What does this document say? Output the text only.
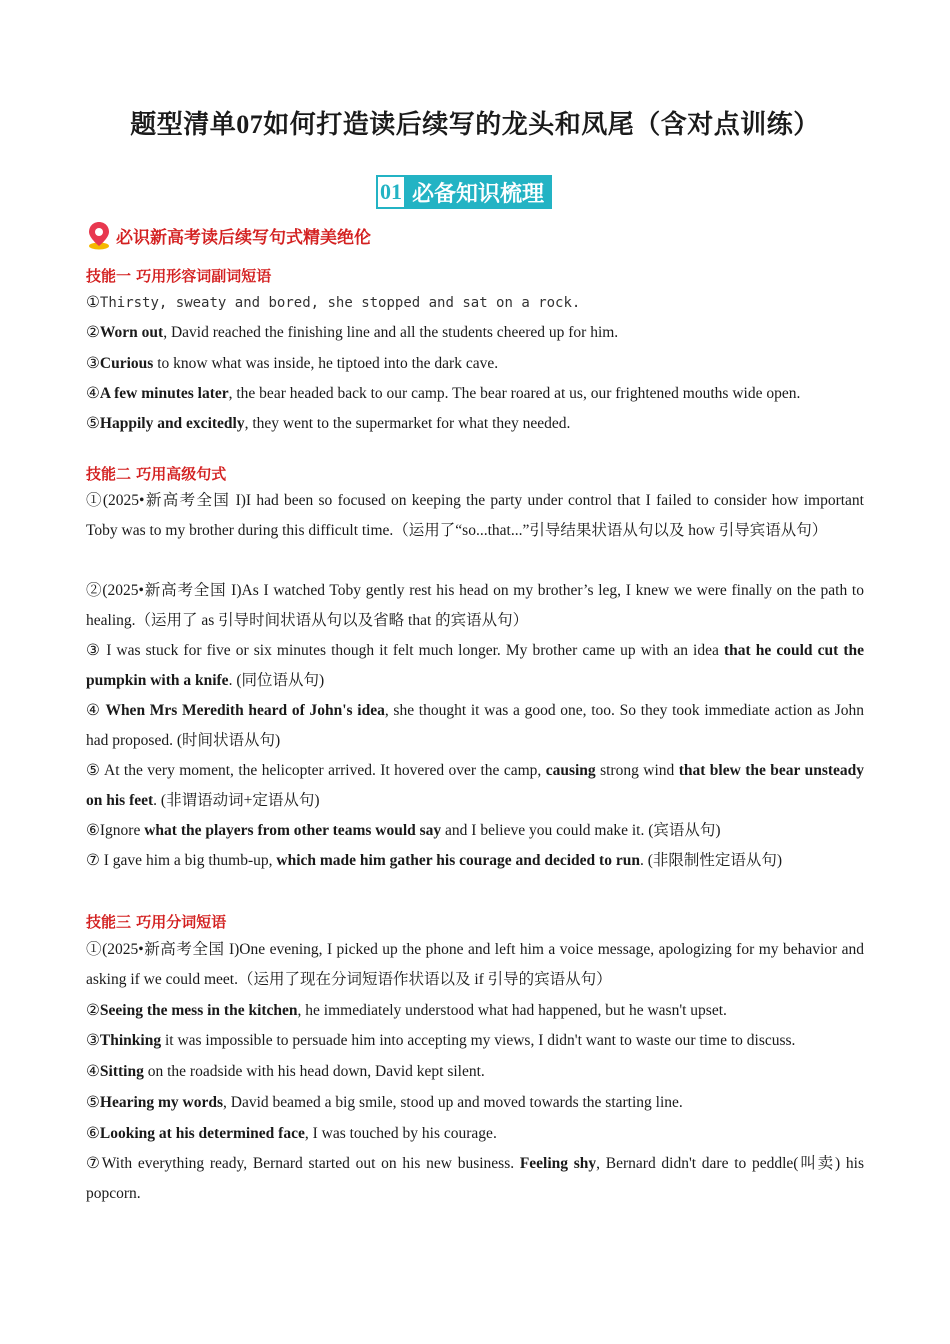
题型清单07如何打造读后续写的龙头和凤尾（含对点训练）
01 必备知识梳理
必识新高考读后续写句式精美绝伦
技能一 巧用形容词副词短语
①Thirsty, sweaty and bored, she stopped and sat on a rock.
②Worn out, David reached the finishing line and all the students cheered up for him.
③Curious to know what was inside, he tiptoed into the dark cave.
④A few minutes later, the bear headed back to our camp. The bear roared at us, our frightened mouths wide open.
⑤Happily and excitedly, they went to the supermarket for what they needed.
技能二 巧用高级句式
①(2025•新高考全国 I)I had been so focused on keeping the party under control that I failed to consider how important Toby was to my brother during this difficult time.（运用了“so...that...”引导结果状语从句以及 how 引导宾语从句）
②(2025•新高考全国 I)As I watched Toby gently rest his head on my brother’s leg, I knew we were finally on the path to healing.（运用了 as 引导时间状语从句以及省略 that 的宾语从句）
③ I was stuck for five or six minutes though it felt much longer. My brother came up with an idea that he could cut the pumpkin with a knife. (同位语从句)
④ When Mrs Meredith heard of John's idea, she thought it was a good one, too. So they took immediate action as John had proposed. (时间状语从句)
⑤ At the very moment, the helicopter arrived. It hovered over the camp, causing strong wind that blew the bear unsteady on his feet. (非谓语动词+定语从句)
⑥Ignore what the players from other teams would say and I believe you could make it. (宾语从句)
⑦ I gave him a big thumb-up, which made him gather his courage and decided to run. (非限制性定语从句)
技能三 巧用分词短语
①(2025•新高考全国 I)One evening, I picked up the phone and left him a voice message, apologizing for my behavior and asking if we could meet.（运用了现在分词短语作状语以及 if 引导的宾语从句）
②Seeing the mess in the kitchen, he immediately understood what had happened, but he wasn't upset.
③Thinking it was impossible to persuade him into accepting my views, I didn't want to waste our time to discuss.
④Sitting on the roadside with his head down, David kept silent.
⑤Hearing my words, David beamed a big smile, stood up and moved towards the starting line.
⑥Looking at his determined face, I was touched by his courage.
⑦With everything ready, Bernard started out on his new business. Feeling shy, Bernard didn't dare to peddle(叫卖) his popcorn.
